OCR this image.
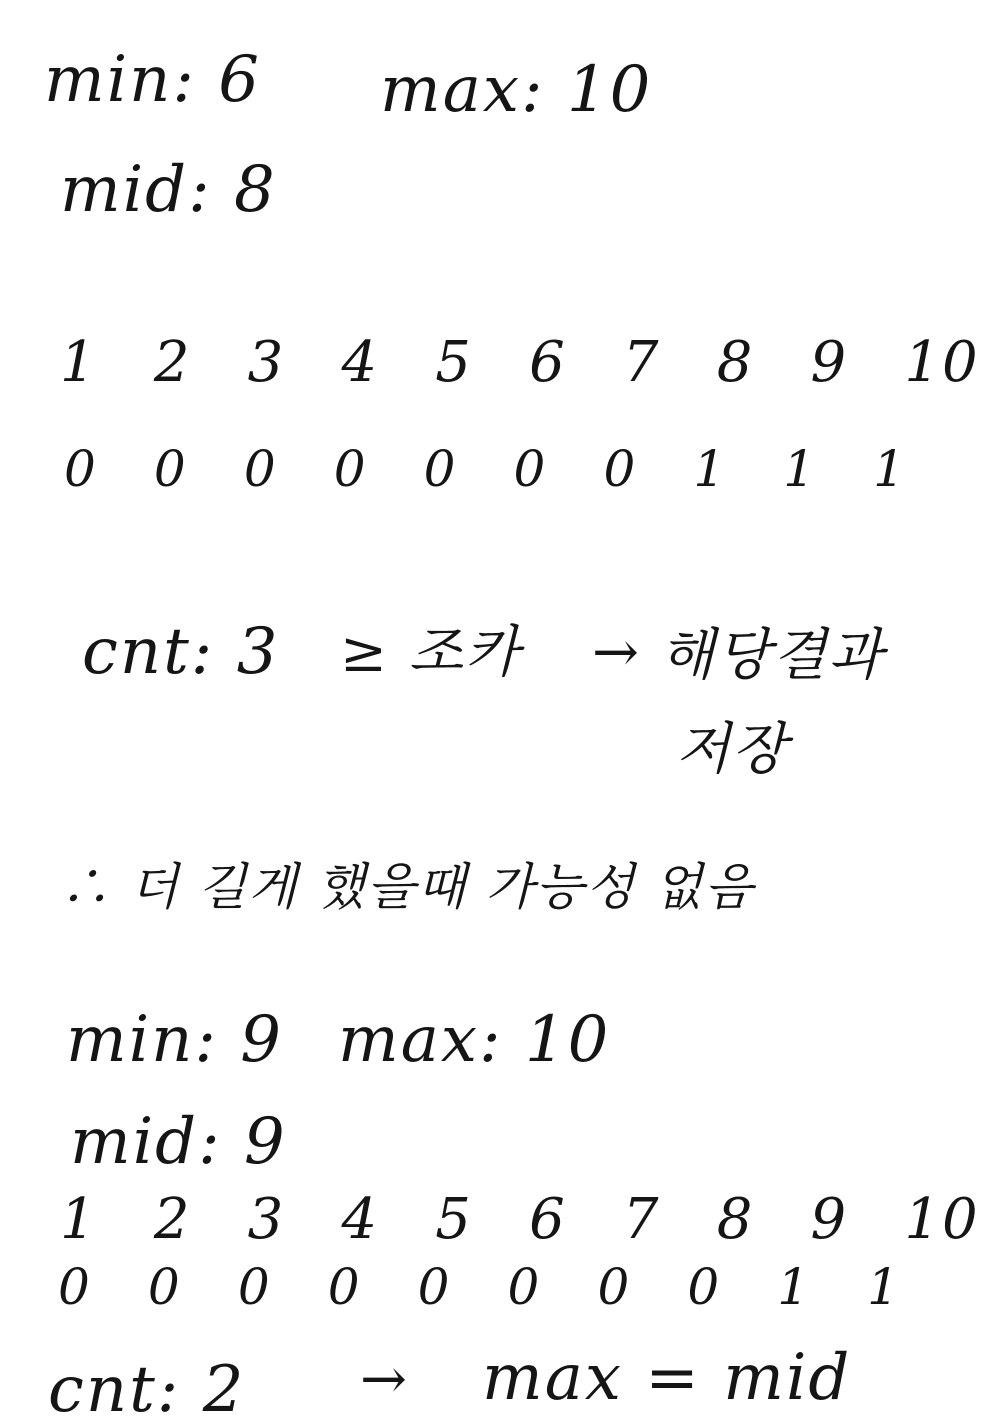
min: 6 max: 10
mid: 8
1 2 3 4 5 6 7 8 9 10
0 0 0 0 0 0 0 1 1 1
cnt: 3 ≥ 조카 → 해당결과
저장
∴ 더 길게 했을때 가능성 없음
min: 9 max: 10
mid: 9
1 2 3 4 5 6 7 8 9 10
0 0 0 0 0 0 0 0 1 1
cnt: 2 → max = mid
